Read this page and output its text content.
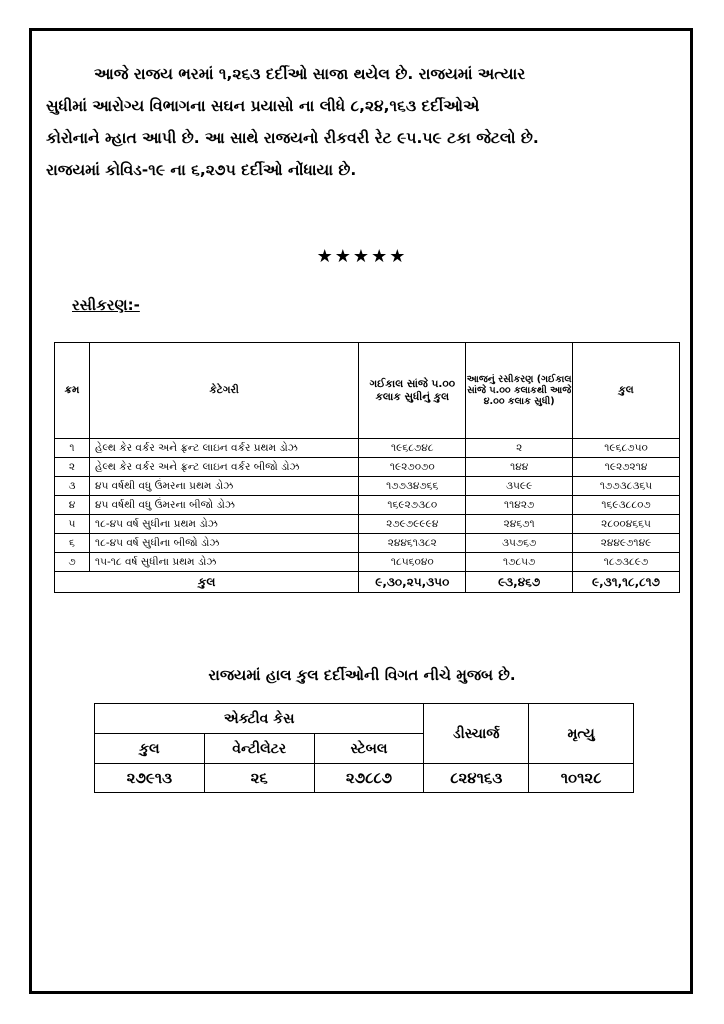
આજે રાજય ભરમાં ૧,૨૬૩ દર્દીઓ સાજા થયેલ છે. રાજયમાં અત્યાર
સુધીમાં આરોગ્ય વિભાગના સઘન પ્રયાસો ના લીધે ૮,૨૪,૧૬૩ દર્દીઓએ
કોરોનાને મ્હાત આપી છે. આ સાથે રાજયનો રીકવરી રેટ ૯૫.૫૯ ટકા જેટલો છે.
રાજયમાં કોવિડ-૧૯ ના ૬,૨૭૫ દર્દીઓ નોંધાયા છે.
★★★★★
રસીકરણ:-
ક્રમ	કેટેગરી	ગઈકાલ સાંજે ૫.૦૦ કલાક સુધીનું કુલ	આજનું રસીકરણ (ગઈકાલ સાંજે ૫.૦૦ કલાકથી આજે ૪.૦૦ કલાક સુધી)	કુલ
૧	હેલ્થ કેર વર્કર અને ફ્રન્ટ લાઇન વર્કર પ્રથમ ડોઝ	૧૯૬૮૭૪૮	૨	૧૯૬૮૭૫૦
૨	હેલ્થ કેર વર્કર અને ફ્રન્ટ લાઇન વર્કર બીજો ડોઝ	૧૯૨૭૦૭૦	૧૪૪	૧૯૨૭૨૧૪
૩	૪૫ વર્ષથી વધુ ઉંમરના પ્રથમ ડોઝ	૧૭૭૩૪૭૬૬	૩૫૯૯	૧૭૭૩૮૩૬૫
૪	૪૫ વર્ષથી વધુ ઉંમરના બીજો ડોઝ	૧૬૯૨૭૩૮૦	૧૧૪૨૭	૧૬૯૩૮૮૦૭
૫	૧૮-૪૫ વર્ષ સુધીના પ્રથમ ડોઝ	૨૭૯૭૯૯૯૪	૨૪૬૭૧	૨૮૦૦૪૬૬૫
૬	૧૮-૪૫ વર્ષ સુધીના બીજો ડોઝ	૨૪૪૬૧૩૮૨	૩૫૭૬૭	૨૪૪૯૭૧૪૯
૭	૧૫-૧૮ વર્ષ સુધીના પ્રથમ ડોઝ	૧૮૫૬૦૪૦	૧૭૮૫૭	૧૮૭૩૮૯૭
કુલ		૯,૩૦,૨૫,૩૫૦	૯૩,૪૬૭	૯,૩૧,૧૮,૮૧૭
રાજયમાં હાલ કુલ દર્દીઓની વિગત નીચે મુજબ છે.
એક્ટીવ કેસ			ડીસ્ચાર્જ	મૃત્યુ
કુલ	વેન્ટીલેટર	સ્ટેબલ		
૨૭૯૧૩	૨૬	૨૭૮૮૭	૮૨૪૧૬૩	૧૦૧૨૮
